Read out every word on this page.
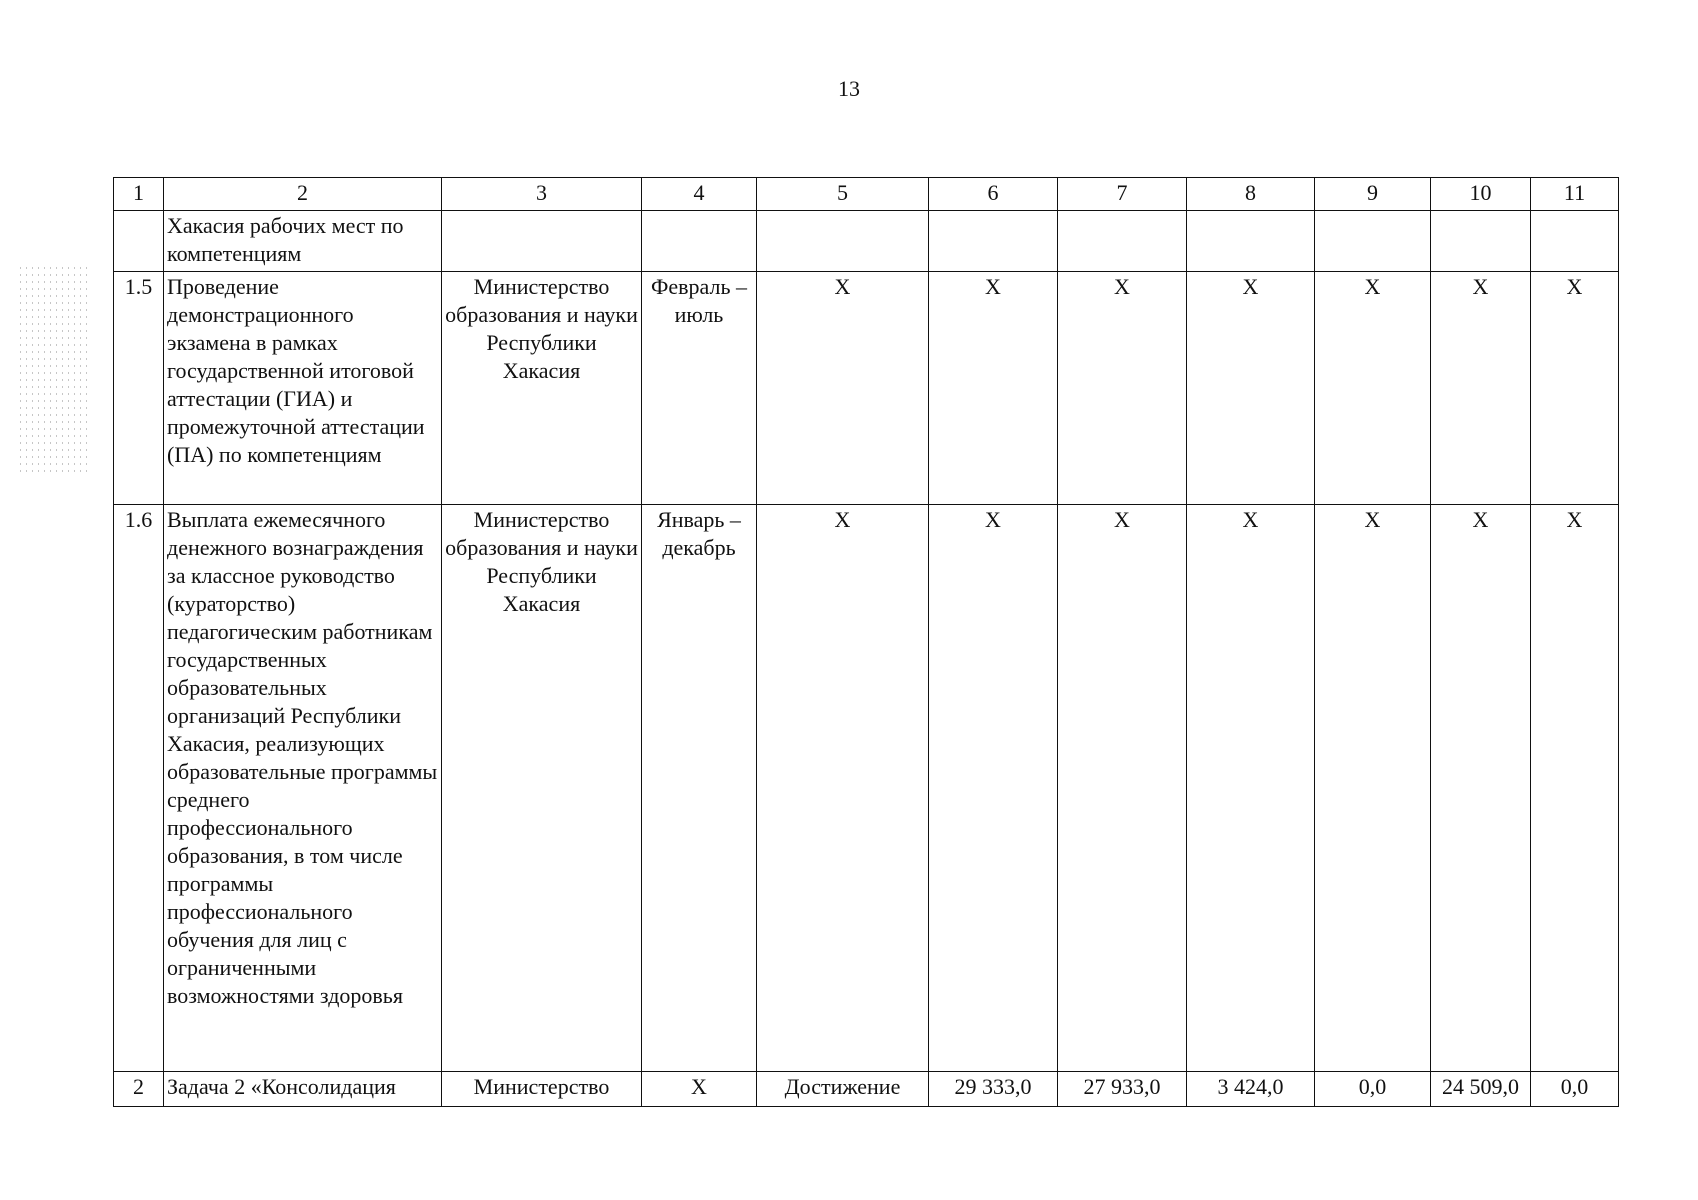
13
1	2	3	4	5	6	7	8	9	10	11
	Хакасия рабочих мест по компетенциям									
1.5	Проведение демонстрационного экзамена в рамках государственной итоговой аттестации (ГИА) и промежуточной аттестации (ПА) по компетенциям	Министерство образования и науки Республики Хакасия	Февраль – июль	Х	Х	Х	Х	Х	Х	Х
1.6	Выплата ежемесячного денежного вознаграждения за классное руководство (кураторство) педагогическим работникам государственных образовательных организаций Республики Хакасия, реализующих образовательные программы среднего профессионального образования, в том числе программы профессионального обучения для лиц с ограниченными возможностями здоровья	Министерство образования и науки Республики Хакасия	Январь – декабрь	Х	Х	Х	Х	Х	Х	Х
2	Задача 2 «Консолидация	Министерство	Х	Достижение	29 333,0	27 933,0	3 424,0	0,0	24 509,0	0,0
